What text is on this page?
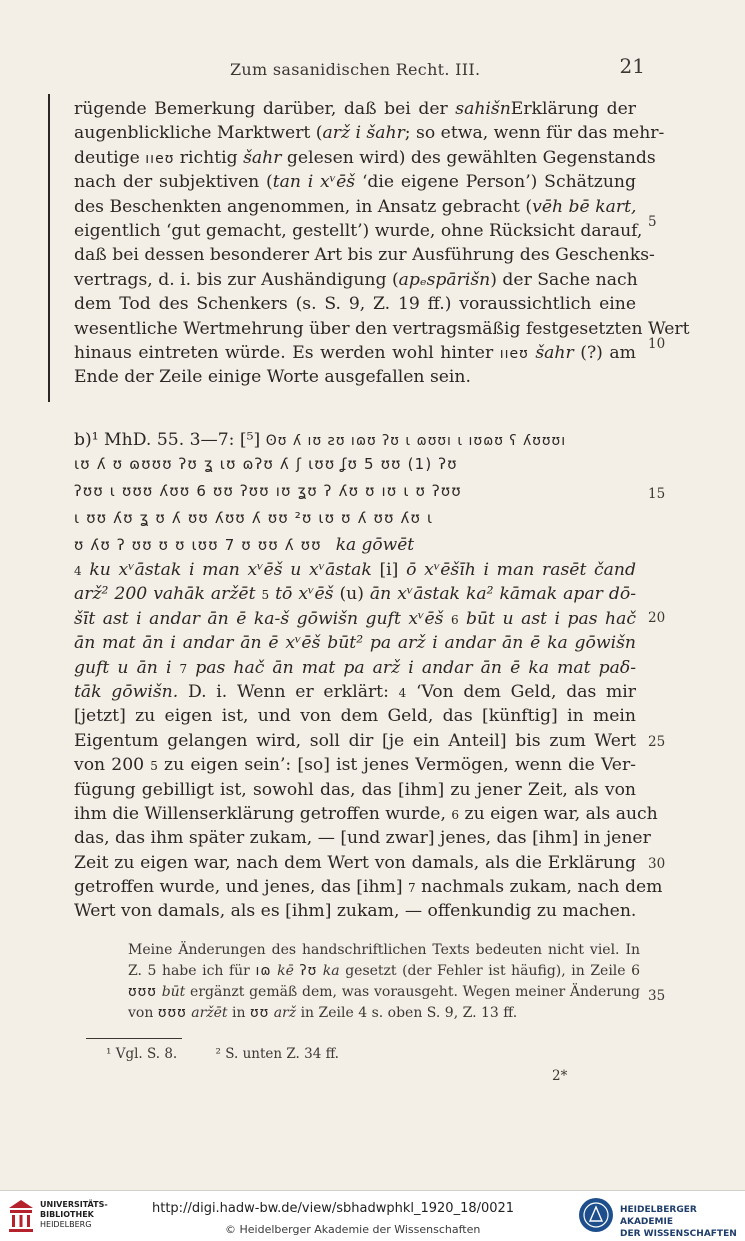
Zum sasanidischen Recht. III.	21
rügende Bemerkung darüber, daß bei der sahišnErklärung der
augenblickliche Marktwert (arž i šahr; so etwa, wenn für das mehr-
deutige ııeʊ richtig šahr gelesen wird) des gewählten Gegenstands
nach der subjektiven (tan i xᵛēš ‘die eigene Person’) Schätzung
des Beschenkten angenommen, in Ansatz gebracht (vēh bē kart,
eigentlich ‘gut gemacht, gestellt’) wurde, ohne Rücksicht darauf,
daß bei dessen besonderer Art bis zur Ausführung des Geschenks-
vertrags, d. i. bis zur Aushändigung (apₑspārišn) der Sache nach
dem Tod des Schenkers (s. S. 9, Z. 19 ff.) voraussichtlich eine
wesentliche Wertmehrung über den vertragsmäßig festgesetzten Wert
hinaus eintreten würde. Es werden wohl hinter ııeʊ šahr (?) am
Ende der Zeile einige Worte ausgefallen sein.
b)¹ MhD. 55. 3—7: [⁵] ʘʊ ʎ ıʊ ƨʊ ıɷʊ ʔʊ ɩ ɷʊʊı ɩ ıʊɷʊ ʕ ʎʊʊʊı
ɩʊ ʎ ʊ ɷʊʊʊ ʔʊ ʓ ɩʊ ɷʔʊ ʎ ʃ ɩʊʊ ʆʊ 5 ʊʊ (1) ʔʊ
ʔʊʊ ɩ ʊʊʊ ʎʊʊ 6 ʊʊ ʔʊʊ ıʊ ʓʊ ʔ ʎʊ ʊ ıʊ ɩ ʊ ʔʊʊ
ɩ ʊʊ ʎʊ ʓ ʊ ʎ ʊʊ ʎʊʊ ʎ ʊʊ ²ʊ ɩʊ ʊ ʎ ʊʊ ʎʊ ɩ
ʊ ʎʊ ʔ ʊʊ ʊ ʊ ɩʊʊ 7 ʊ ʊʊ ʎ ʊʊ ka gōwēt
4 ku xᵛāstak i man xᵛēš u xᵛāstak [i] ō xᵛēšīh i man rasēt čand
arž² 200 vahāk aržēt 5 tō xᵛēš (u) ān xᵛāstak ka² kāmak apar dō-
šīt ast i andar ān ē ka-š gōwišn guft xᵛēš 6 būt u ast i pas hač
ān mat ān i andar ān ē xᵛēš būt² pa arž i andar ān ē ka gōwišn
guft u ān i 7 pas hač ān mat pa arž i andar ān ē ka mat paδ-
tāk gōwišn. D. i. Wenn er erklärt: 4 ‘Von dem Geld, das mir
[jetzt] zu eigen ist, und von dem Geld, das [künftig] in mein
Eigentum gelangen wird, soll dir [je ein Anteil] bis zum Wert
von 200 5 zu eigen sein’: [so] ist jenes Vermögen, wenn die Ver-
fügung gebilligt ist, sowohl das, das [ihm] zu jener Zeit, als von
ihm die Willenserklärung getroffen wurde, 6 zu eigen war, als auch
das, das ihm später zukam, — [und zwar] jenes, das [ihm] in jener
Zeit zu eigen war, nach dem Wert von damals, als die Erklärung
getroffen wurde, und jenes, das [ihm] 7 nachmals zukam, nach dem
Wert von damals, als es [ihm] zukam, — offenkundig zu machen.
5
10
15
20
25
30
35
Meine Änderungen des handschriftlichen Texts bedeuten nicht viel. In Z. 5 habe ich für ıɷ kē ʔʊ ka gesetzt (der Fehler ist häufig), in Zeile 6 ʊʊʊ būt ergänzt gemäß dem, was vorausgeht. Wegen meiner Änderung von ʊʊʊ aržēt in ʊʊ arž in Zeile 4 s. oben S. 9, Z. 13 ff.
¹ Vgl. S. 8.	² S. unten Z. 34 ff.
2*
UNIVERSITÄTS-
BIBLIOTHEK
HEIDELBERG
http://digi.hadw-bw.de/view/sbhadwphkl_1920_18/0021
© Heidelberger Akademie der Wissenschaften
HEIDELBERGER AKADEMIE
DER WISSENSCHAFTEN
